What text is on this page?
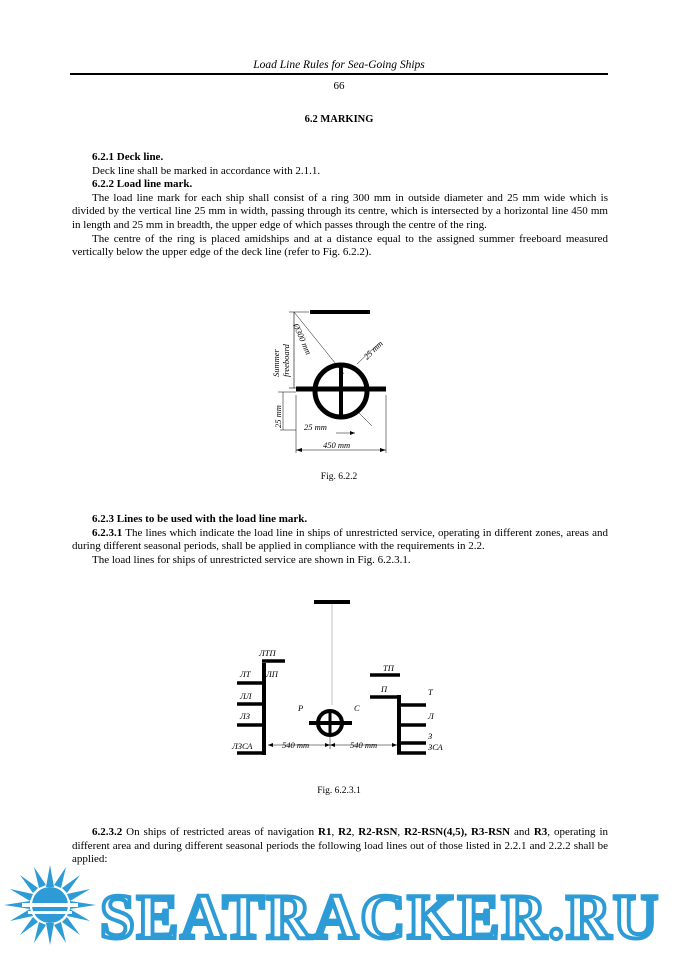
Load Line Rules for Sea-Going Ships
66
6.2 MARKING

6.2.1 Deck line.

Deck line shall be marked in accordance with 2.1.1.

6.2.2 Load line mark.

The load line mark for each ship shall consist of a ring 300 mm in outside diameter and 25 mm wide which is divided by the vertical line 25 mm in width, passing through its centre, which is intersected by a horizontal line 450 mm in length and 25 mm in breadth, the upper edge of which passes through the centre of the ring.

The centre of the ring is placed amidships and at a distance equal to the assigned summer freeboard measured vertically below the upper edge of the deck line (refer to Fig. 6.2.2).

Ø300 mm	25 mm
Summer freeboard
25 mm 25 mm
450 mm
Fig. 6.2.2

6.2.3 Lines to be used with the load line mark.

6.2.3.1 The lines which indicate the load line in ships of unrestricted service, operating in different zones, areas and during different seasonal periods, shall be applied in compliance with the requirements in 2.2.

The load lines for ships of unrestricted service are shown in Fig. 6.2.3.1.

ЛТП
ЛТ ЛП
ЛЛ
ЛЗ
ЛЗСА
Р	С
540 mm	540 mm
ТП
П	Т
Л
З
ЗСА
Fig. 6.2.3.1

6.2.3.2 On ships of restricted areas of navigation R1, R2, R2-RSN, R2-RSN(4,5), R3-RSN and R3, operating in different area and during different seasonal periods the following load lines out of those listed in 2.2.1 and 2.2.2 shall be applied:

SEATRACKER.RU
